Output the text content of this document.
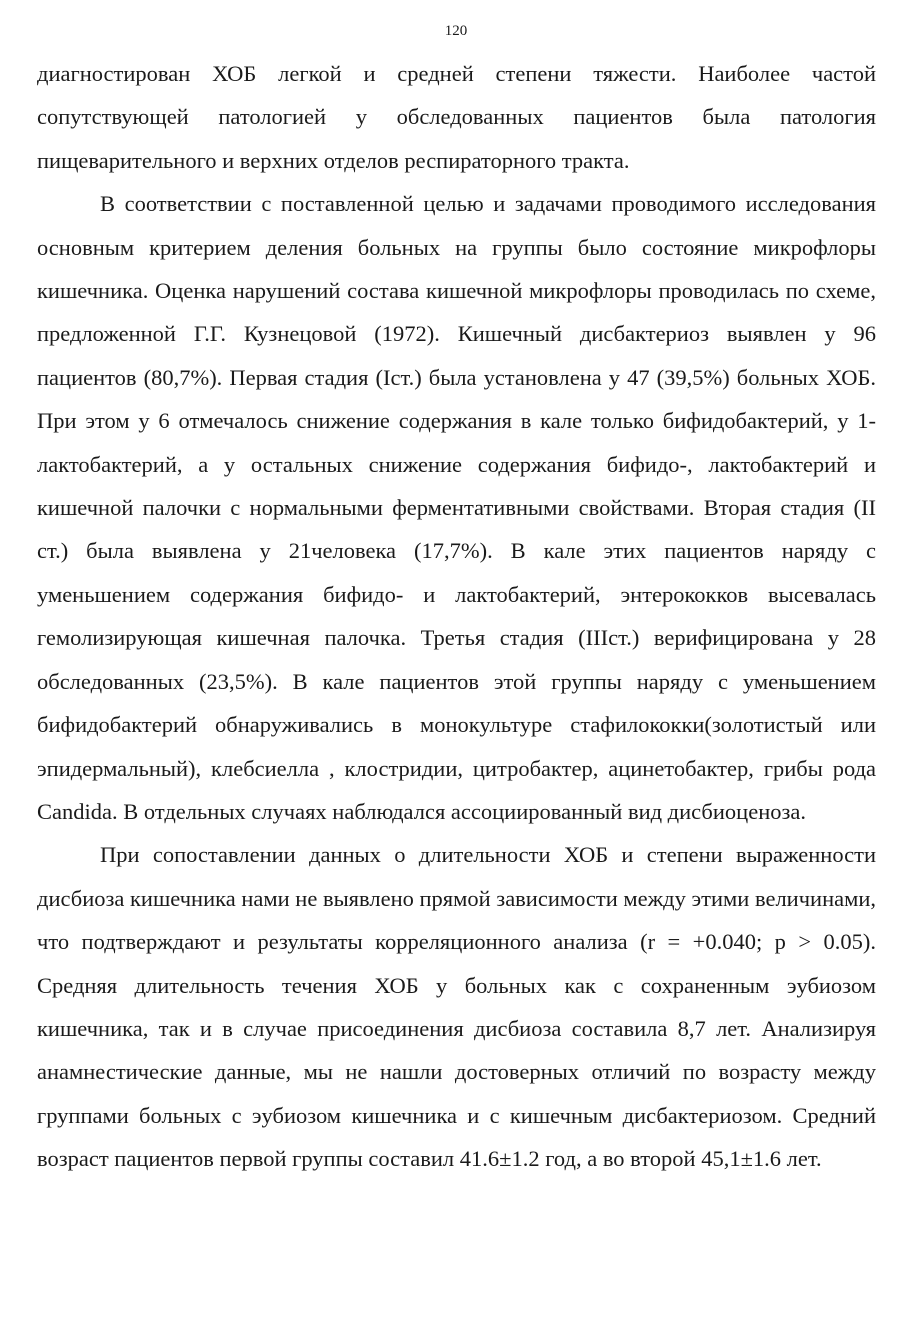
120

диагностирован ХОБ легкой и средней степени тяжести. Наиболее частой сопутствующей патологией у обследованных пациентов была патология пищеварительного и верхних отделов респираторного тракта.

В соответствии с поставленной целью и задачами проводимого исследования основным критерием деления больных на группы было состояние микрофлоры кишечника. Оценка нарушений состава кишечной микрофлоры проводилась по схеме, предложенной Г.Г. Кузнецовой (1972). Кишечный дисбактериоз выявлен у 96 пациентов (80,7%). Первая стадия (Iст.) была установлена у 47 (39,5%) больных ХОБ. При этом у 6 отмечалось снижение содержания в кале только бифидобактерий, у 1- лактобактерий, а у остальных снижение содержания бифидо-, лактобактерий и кишечной палочки с нормальными ферментативными свойствами. Вторая стадия (II ст.) была выявлена у 21человека (17,7%). В кале этих пациентов наряду с уменьшением содержания бифидо- и лактобактерий, энтерококков высевалась гемолизирующая кишечная палочка. Третья стадия (IIIст.) верифицирована у 28 обследованных (23,5%). В кале пациентов этой группы наряду с уменьшением бифидобактерий обнаруживались в монокультуре стафилококки(золотистый или эпидермальный), клебсиелла , клостридии, цитробактер, ацинетобактер, грибы рода Candida. В отдельных случаях наблюдался ассоциированный вид дисбиоценоза.

При сопоставлении данных о длительности ХОБ и степени выраженности дисбиоза кишечника нами не выявлено прямой зависимости между этими величинами, что подтверждают и результаты корреляционного анализа (r = +0.040; p > 0.05). Средняя длительность течения ХОБ у больных как с сохраненным эубиозом кишечника, так и в случае присоединения дисбиоза составила 8,7 лет. Анализируя анамнестические данные, мы не нашли достоверных отличий по возрасту между группами больных с эубиозом кишечника и с кишечным дисбактериозом. Средний возраст пациентов первой группы составил 41.6±1.2 год, а во второй 45,1±1.6 лет.
